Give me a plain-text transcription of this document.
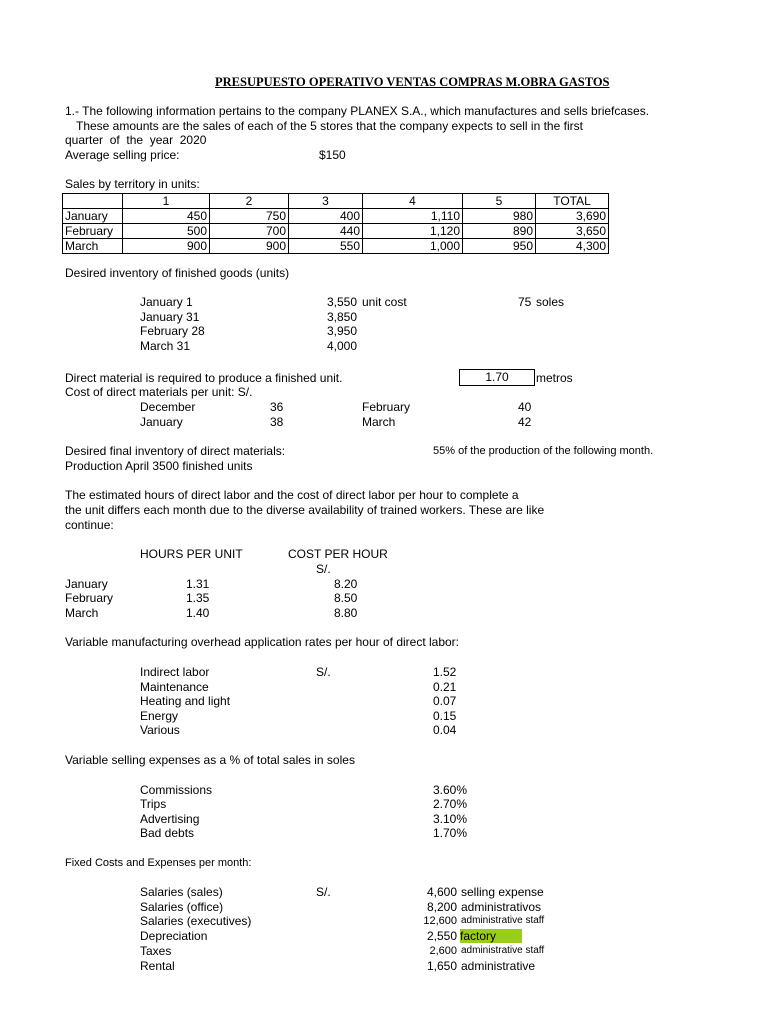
PRESUPUESTO OPERATIVO VENTAS COMPRAS M.OBRA GASTOS
1.- The following information pertains to the company PLANEX S.A., which manufactures and sells briefcases.
These amounts are the sales of each of the 5 stores that the company expects to sell in the first
quarter  of  the  year  2020
Average selling price:	$150
Sales by territory in units:
	1	2	3	4	5	TOTAL
January	450	750	400	1,110	980	3,690
February	500	700	440	1,120	890	3,650
March	900	900	550	1,000	950	4,300
Desired inventory of finished goods (units)
January 1	3,550 unit cost	75 soles
January 31	3,850
February 28	3,950
March 31	4,000
Direct material is required to produce a finished unit.	1.70	metros
Cost of direct materials per unit: S/.
December	36	February	40
January	38	March	42
Desired final inventory of direct materials:	55% of the production of the following month.
Production April 3500 finished units
The estimated hours of direct labor and the cost of direct labor per hour to complete a
the unit differs each month due to the diverse availability of trained workers. These are like
continue:
HOURS PER UNIT	COST PER HOUR
S/.
January	1.31	8.20
February	1.35	8.50
March	1.40	8.80
Variable manufacturing overhead application rates per hour of direct labor:
Indirect labor	S/.	1.52
Maintenance	0.21
Heating and light	0.07
Energy	0.15
Various	0.04
Variable selling expenses as a % of total sales in soles
Commissions	3.60%
Trips	2.70%
Advertising	3.10%
Bad debts	1.70%
Fixed Costs and Expenses per month:
S/.
Salaries (sales)	4,600 selling expense
Salaries (office)	8,200 administrativos
Salaries (executives)	12,600 administrative staff
Depreciation	2,550 factory
Taxes	2,600 administrative staff
Rental	1,650 administrative
